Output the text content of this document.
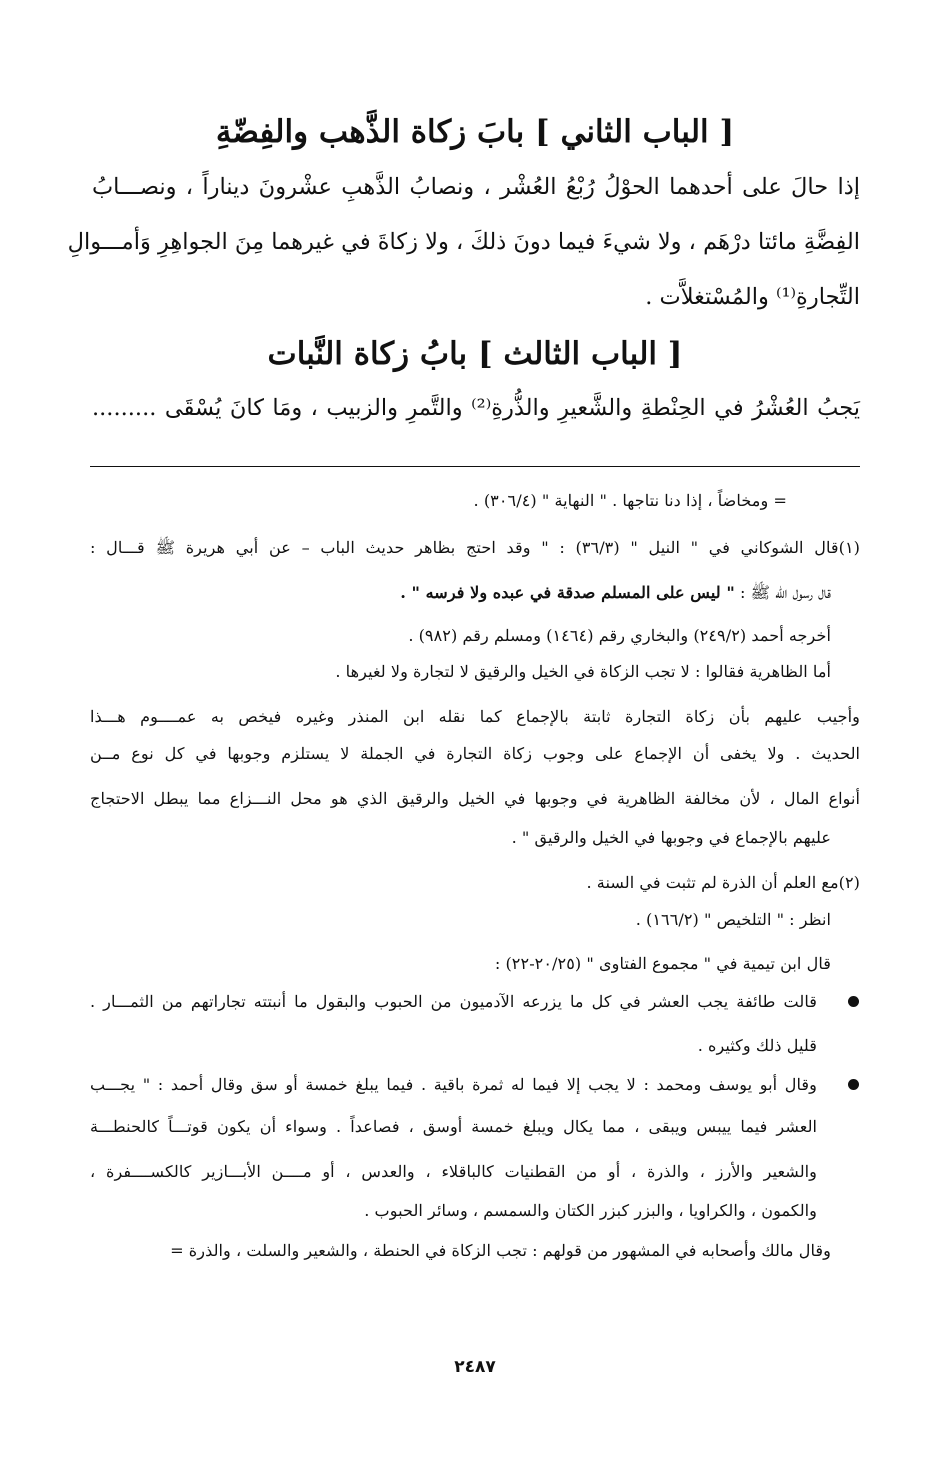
[ الباب الثاني ] بابَ زكاة الذَّهب والفِضّةِ
إذا حالَ على أحدهما الحوْلُ رُبْعُ العُشْر ، ونصابُ الذَّهبِ عشْرونَ ديناراً ، ونصـــابُ
الفِضَّةِ مائتا درْهَم ، ولا شيءَ فيما دونَ ذلكَ ، ولا زكاةَ في غيرهما مِنَ الجواهِرِ وَأمـــوالِ
التِّجارةِ⁽¹⁾ والمُسْتغلاَّت .
[ الباب الثالث ] بابُ زكاة النَّبات
يَجبُ العُشْرُ في الحِنْطةِ والشَّعيرِ والذُّرةِ⁽²⁾ والتَّمرِ والزبيب ، ومَا كانَ يُسْقَى .........
= ومخاضاً ، إذا دنا نتاجها . " النهاية " (٣٠٦/٤) .
(١)
قال الشوكاني في " النيل " (٣٦/٣) : " وقد احتج بظاهر حديث الباب – عن أبي هريرة ﷺ قـــال :
قال رسول الله ﷺ : " ليس على المسلم صدقة في عبده ولا فرسه " .
أخرجه أحمد (٢٤٩/٢) والبخاري رقم (١٤٦٤) ومسلم رقم (٩٨٢) .
أما الظاهرية فقالوا : لا تجب الزكاة في الخيل والرقيق لا لتجارة ولا لغيرها .
وأجيب عليهم بأن زكاة التجارة ثابتة بالإجماع كما نقله ابن المنذر وغيره فيخص به عمــــوم هـــذا
الحديث . ولا يخفى أن الإجماع على وجوب زكاة التجارة في الجملة لا يستلزم وجوبها في كل نوع مــن
أنواع المال ، لأن مخالفة الظاهرية في وجوبها في الخيل والرقيق الذي هو محل النـــزاع مما يبطل الاحتجاج
عليهم بالإجماع في وجوبها في الخيل والرقيق " .
(٢)
مع العلم أن الذرة لم تثبت في السنة .
انظر : " التلخيص " (١٦٦/٢) .
قال ابن تيمية في " مجموع الفتاوى " (٢٠/٢٥-٢٢) :
قالت طائفة يجب العشر في كل ما يزرعه الآدميون من الحبوب والبقول ما أنبتته تجاراتهم من الثمـــار .
قليل ذلك وكثيره .
وقال أبو يوسف ومحمد : لا يجب إلا فيما له ثمرة باقية . فيما يبلغ خمسة أو سق وقال أحمد : " يجـــب
العشر فيما ييبس ويبقى ، مما يكال ويبلغ خمسة أوسق ، فصاعداً . وسواء أن يكون قوتـــاً كالحنطـــة
والشعير والأرز ، والذرة ، أو من القطنيات كالباقلاء ، والعدس ، أو مــــن الأبـــازير كالكســــفرة ،
والكمون ، والكراويا ، والبزر كبزر الكتان والسمسم ، وسائر الحبوب .
وقال مالك وأصحابه في المشهور من قولهم : تجب الزكاة في الحنطة ، والشعير والسلت ، والذرة =
٢٤٨٧
